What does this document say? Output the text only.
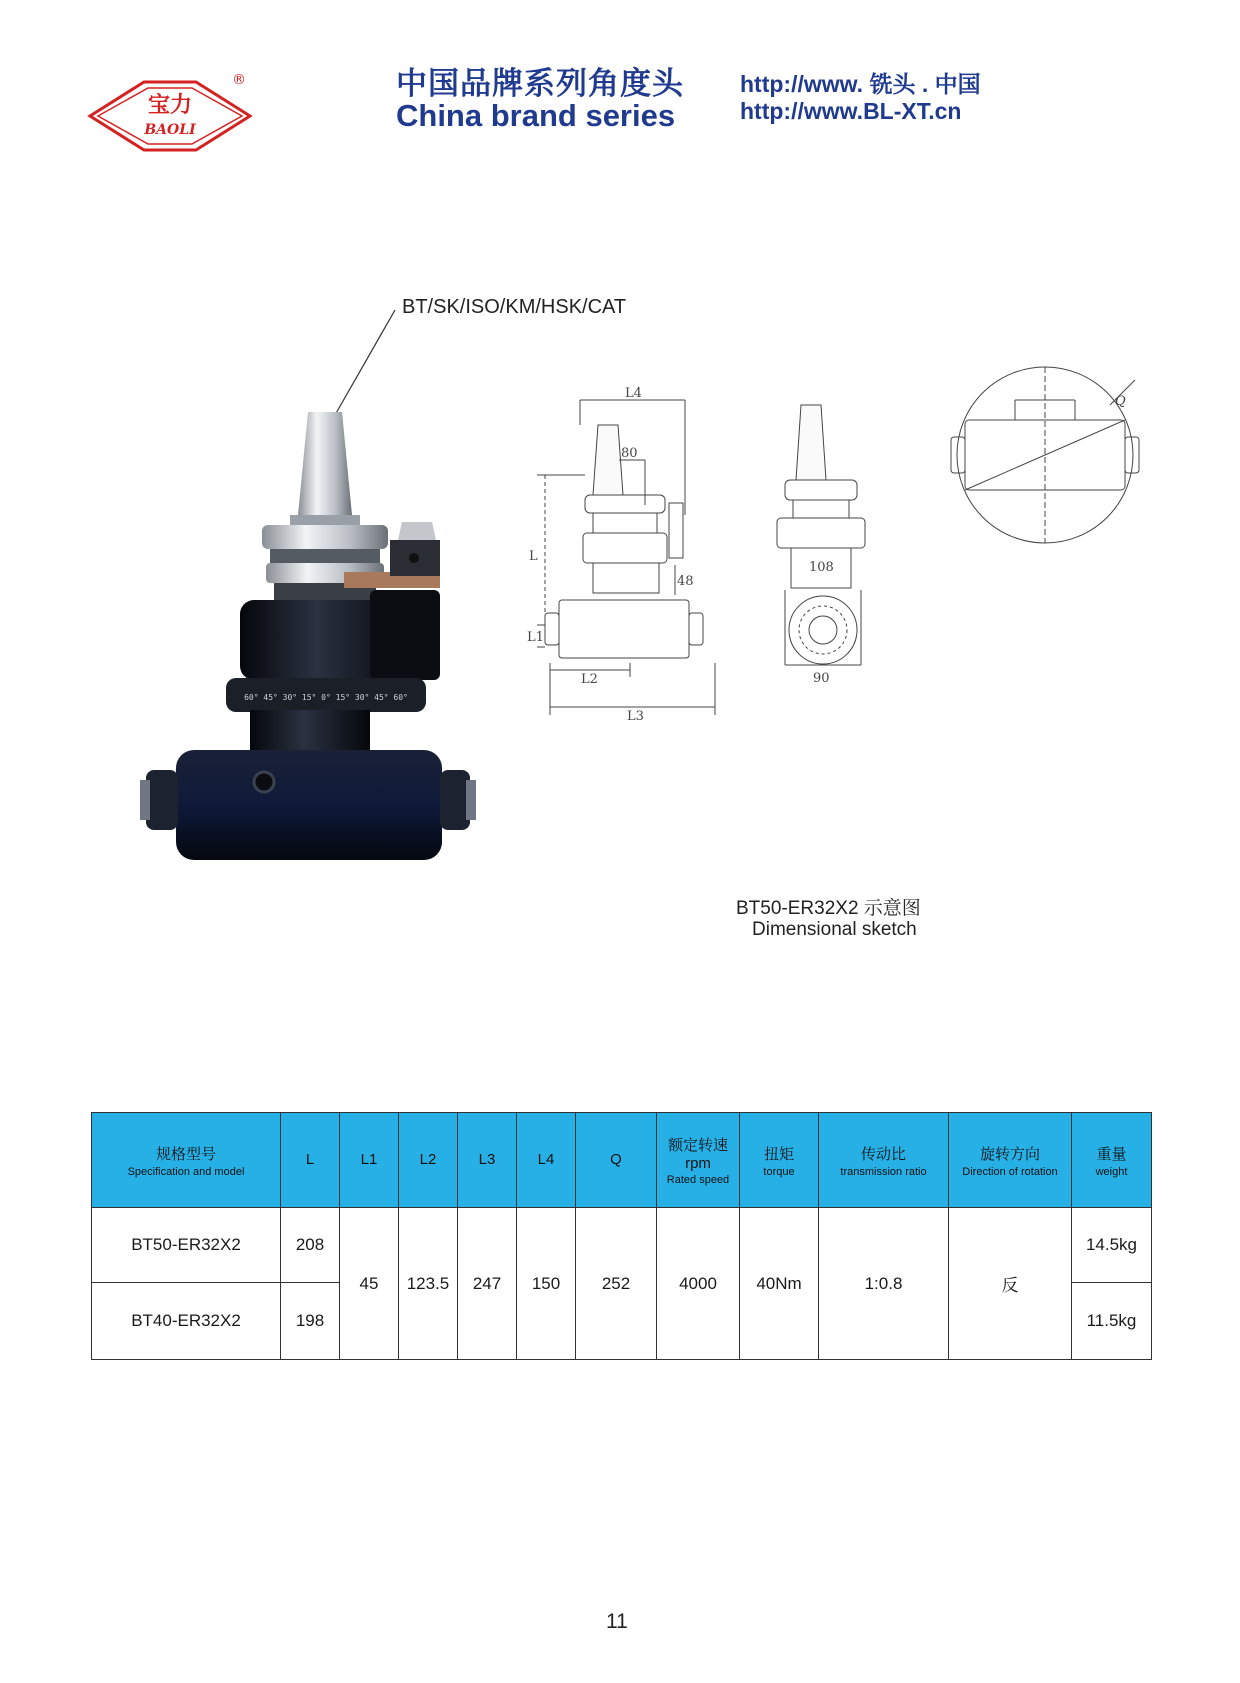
宝力
BAOLI
®	中国品牌系列角度头
China brand series
http://www. 铣头 . 中国
http://www.BL-XT.cn
BT/SK/ISO/KM/HSK/CAT
60° 45° 30° 15° 0° 15° 30° 45° 60°
L4
80
L
48
L1
L2
L3
108
90
Q
BT50-ER32X2 示意图
Dimensional sketch
规格型号
Specification and model	L	L1	L2	L3	L4	Q	额定转速
rpm
Rated speed	扭矩
torque	传动比
transmission ratio	旋转方向
Direction of rotation	重量
weight

BT50-ER32X2	208	45	123.5	247	150	252	4000	40Nm	1:0.8	反	14.5kg
BT40-ER32X2	198										11.5kg
11
